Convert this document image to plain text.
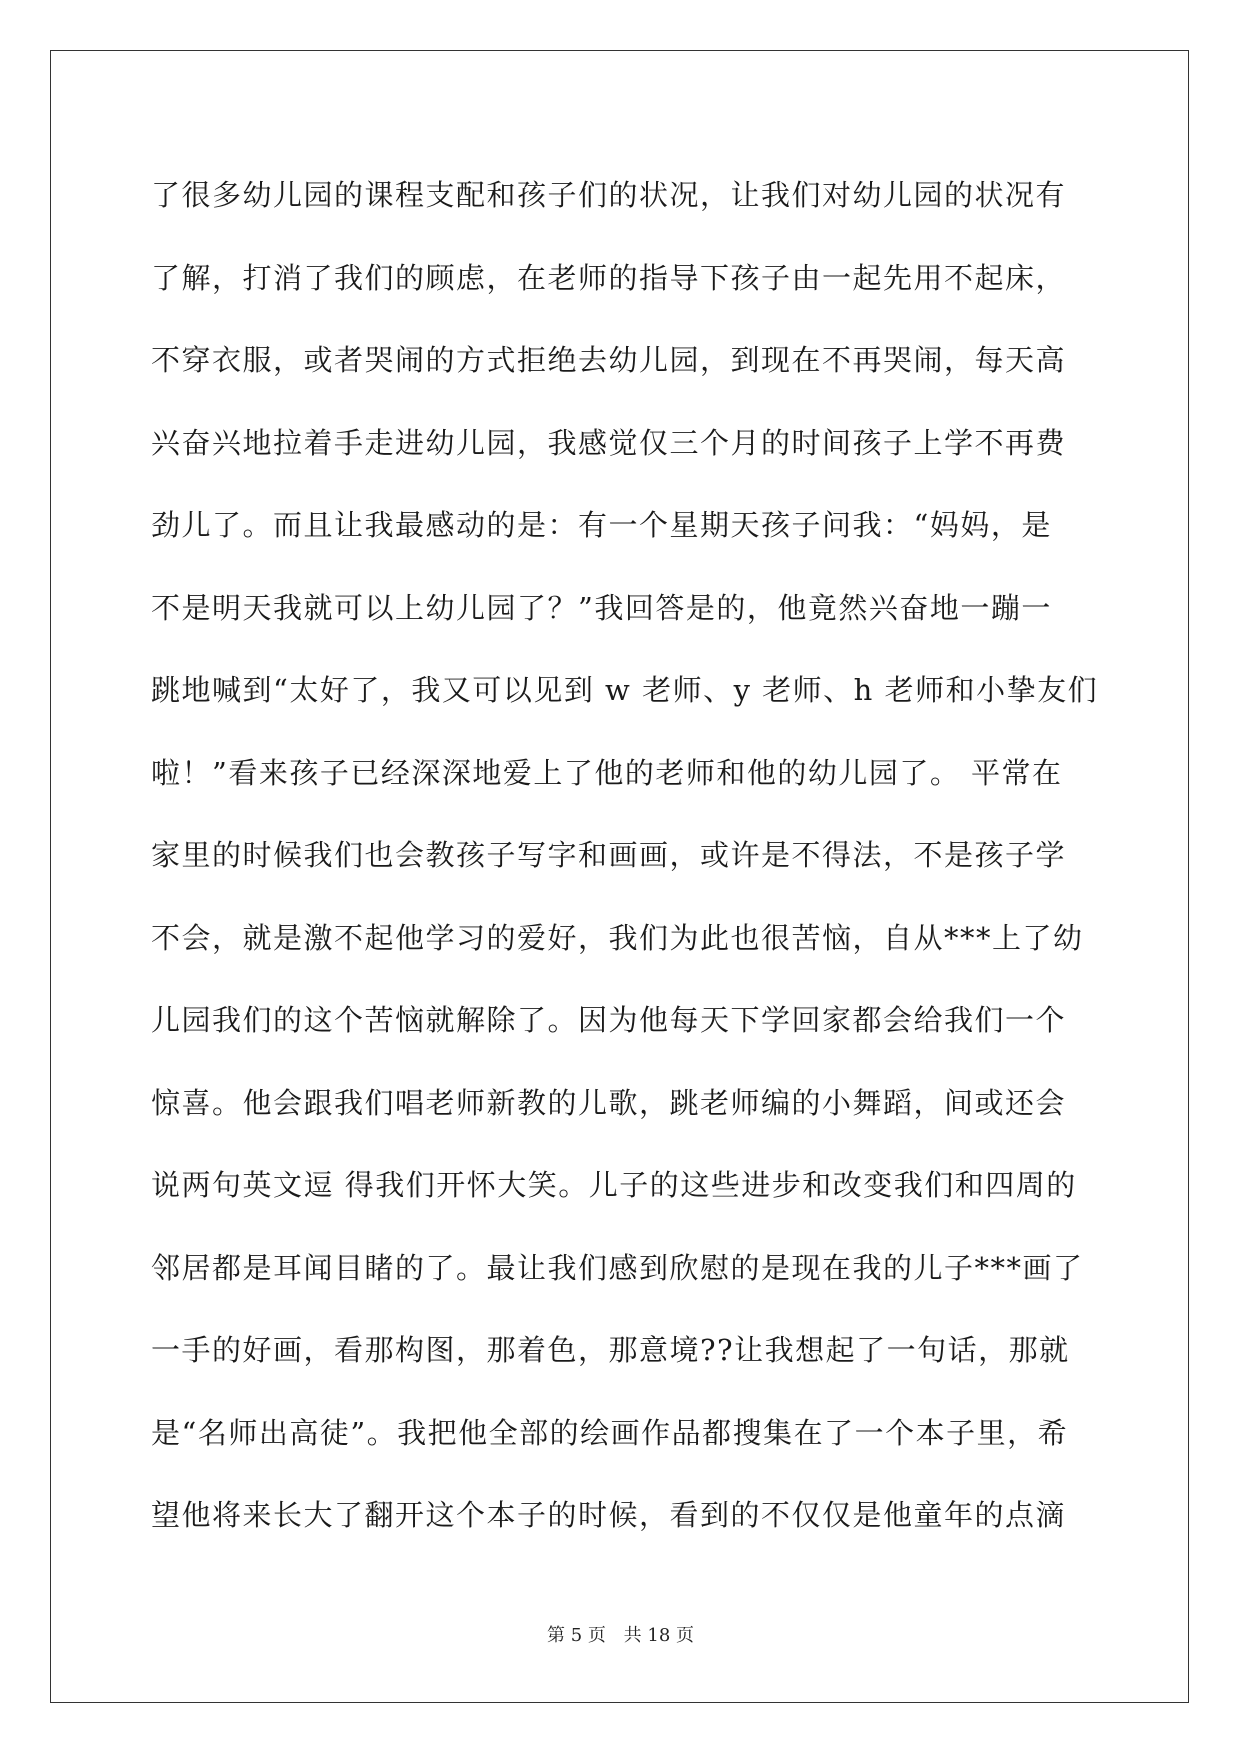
了很多幼儿园的课程支配和孩子们的状况，让我们对幼儿园的状况有
了解，打消了我们的顾虑，在老师的指导下孩子由一起先用不起床，
不穿衣服，或者哭闹的方式拒绝去幼儿园，到现在不再哭闹，每天高
兴奋兴地拉着手走进幼儿园，我感觉仅三个月的时间孩子上学不再费
劲儿了。而且让我最感动的是：有一个星期天孩子问我：“妈妈，是
不是明天我就可以上幼儿园了？”我回答是的，他竟然兴奋地一蹦一
跳地喊到“太好了，我又可以见到 w 老师、y 老师、h 老师和小挚友们
啦！”看来孩子已经深深地爱上了他的老师和他的幼儿园了。 平常在
家里的时候我们也会教孩子写字和画画，或许是不得法，不是孩子学
不会，就是激不起他学习的爱好，我们为此也很苦恼，自从***上了幼
儿园我们的这个苦恼就解除了。因为他每天下学回家都会给我们一个
惊喜。他会跟我们唱老师新教的儿歌，跳老师编的小舞蹈，间或还会
说两句英文逗 得我们开怀大笑。儿子的这些进步和改变我们和四周的
邻居都是耳闻目睹的了。最让我们感到欣慰的是现在我的儿子***画了
一手的好画，看那构图，那着色，那意境??让我想起了一句话，那就
是“名师出高徒”。我把他全部的绘画作品都搜集在了一个本子里，希
望他将来长大了翻开这个本子的时候，看到的不仅仅是他童年的点滴
第 5 页 共 18 页
